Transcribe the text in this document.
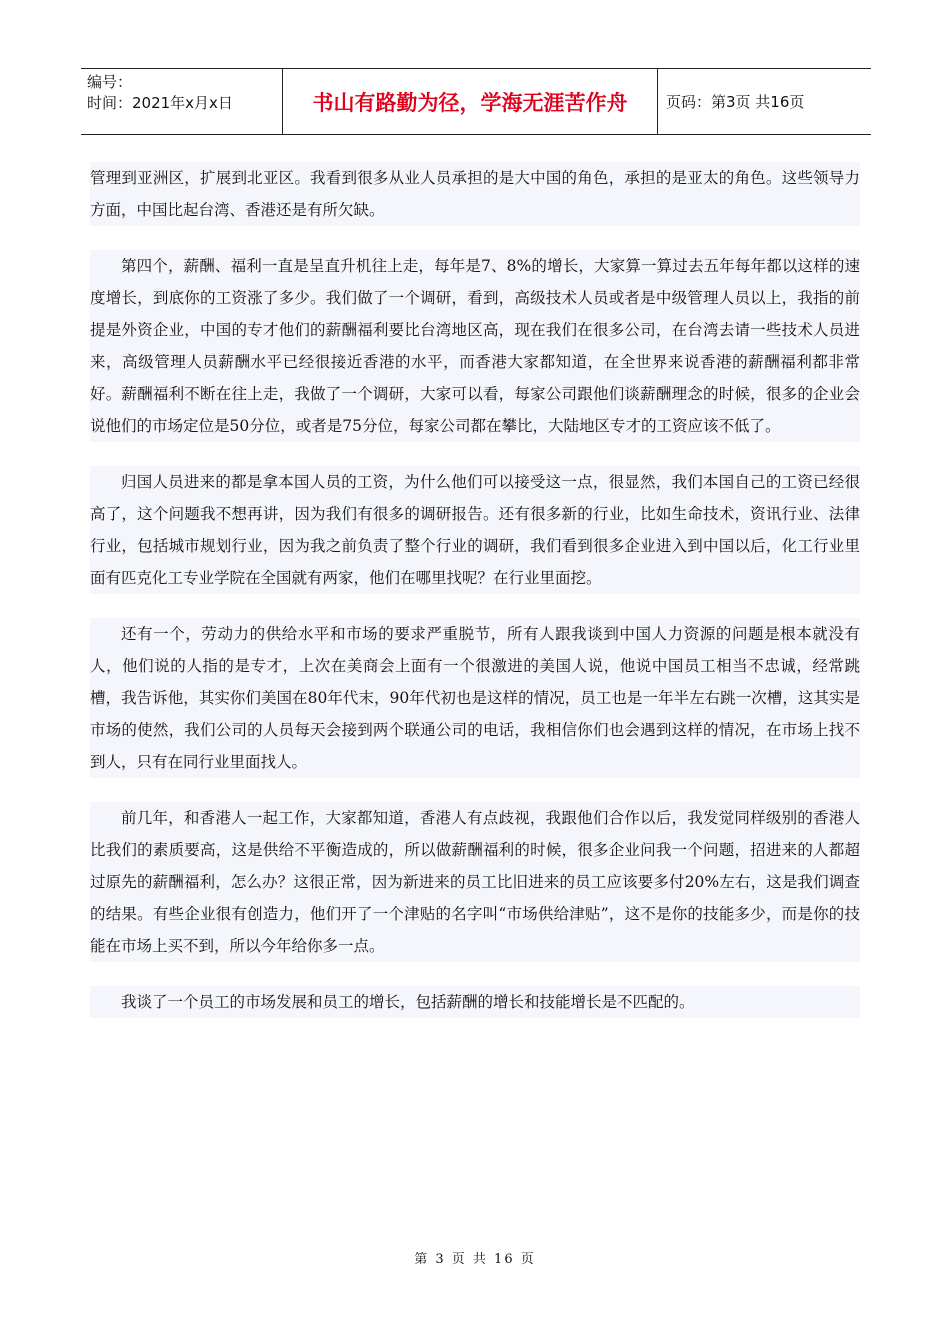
编号：
时间：2021年x月x日	书山有路勤为径，学海无涯苦作舟	页码：第3页 共16页

管理到亚洲区，扩展到北亚区。我看到很多从业人员承担的是大中国的角色，承担的是亚太的角色。这些领导力方面，中国比起台湾、香港还是有所欠缺。

第四个，薪酬、福利一直是呈直升机往上走，每年是7、8%的增长，大家算一算过去五年每年都以这样的速度增长，到底你的工资涨了多少。我们做了一个调研，看到，高级技术人员或者是中级管理人员以上，我指的前提是外资企业，中国的专才他们的薪酬福利要比台湾地区高，现在我们在很多公司，在台湾去请一些技术人员进来，高级管理人员薪酬水平已经很接近香港的水平，而香港大家都知道，在全世界来说香港的薪酬福利都非常好。薪酬福利不断在往上走，我做了一个调研，大家可以看，每家公司跟他们谈薪酬理念的时候，很多的企业会说他们的市场定位是50分位，或者是75分位，每家公司都在攀比，大陆地区专才的工资应该不低了。

归国人员进来的都是拿本国人员的工资，为什么他们可以接受这一点，很显然，我们本国自己的工资已经很高了，这个问题我不想再讲，因为我们有很多的调研报告。还有很多新的行业，比如生命技术，资讯行业、法律行业，包括城市规划行业，因为我之前负责了整个行业的调研，我们看到很多企业进入到中国以后，化工行业里面有匹克化工专业学院在全国就有两家，他们在哪里找呢？在行业里面挖。

还有一个，劳动力的供给水平和市场的要求严重脱节，所有人跟我谈到中国人力资源的问题是根本就没有人，他们说的人指的是专才，上次在美商会上面有一个很激进的美国人说，他说中国员工相当不忠诚，经常跳槽，我告诉他，其实你们美国在80年代末，90年代初也是这样的情况，员工也是一年半左右跳一次槽，这其实是市场的使然，我们公司的人员每天会接到两个联通公司的电话，我相信你们也会遇到这样的情况，在市场上找不到人，只有在同行业里面找人。

前几年，和香港人一起工作，大家都知道，香港人有点歧视，我跟他们合作以后，我发觉同样级别的香港人比我们的素质要高，这是供给不平衡造成的，所以做薪酬福利的时候，很多企业问我一个问题，招进来的人都超过原先的薪酬福利，怎么办？这很正常，因为新进来的员工比旧进来的员工应该要多付20%左右，这是我们调查的结果。有些企业很有创造力，他们开了一个津贴的名字叫“市场供给津贴”，这不是你的技能多少，而是你的技能在市场上买不到，所以今年给你多一点。

我谈了一个员工的市场发展和员工的增长，包括薪酬的增长和技能增长是不匹配的。

第 3 页 共 16 页
